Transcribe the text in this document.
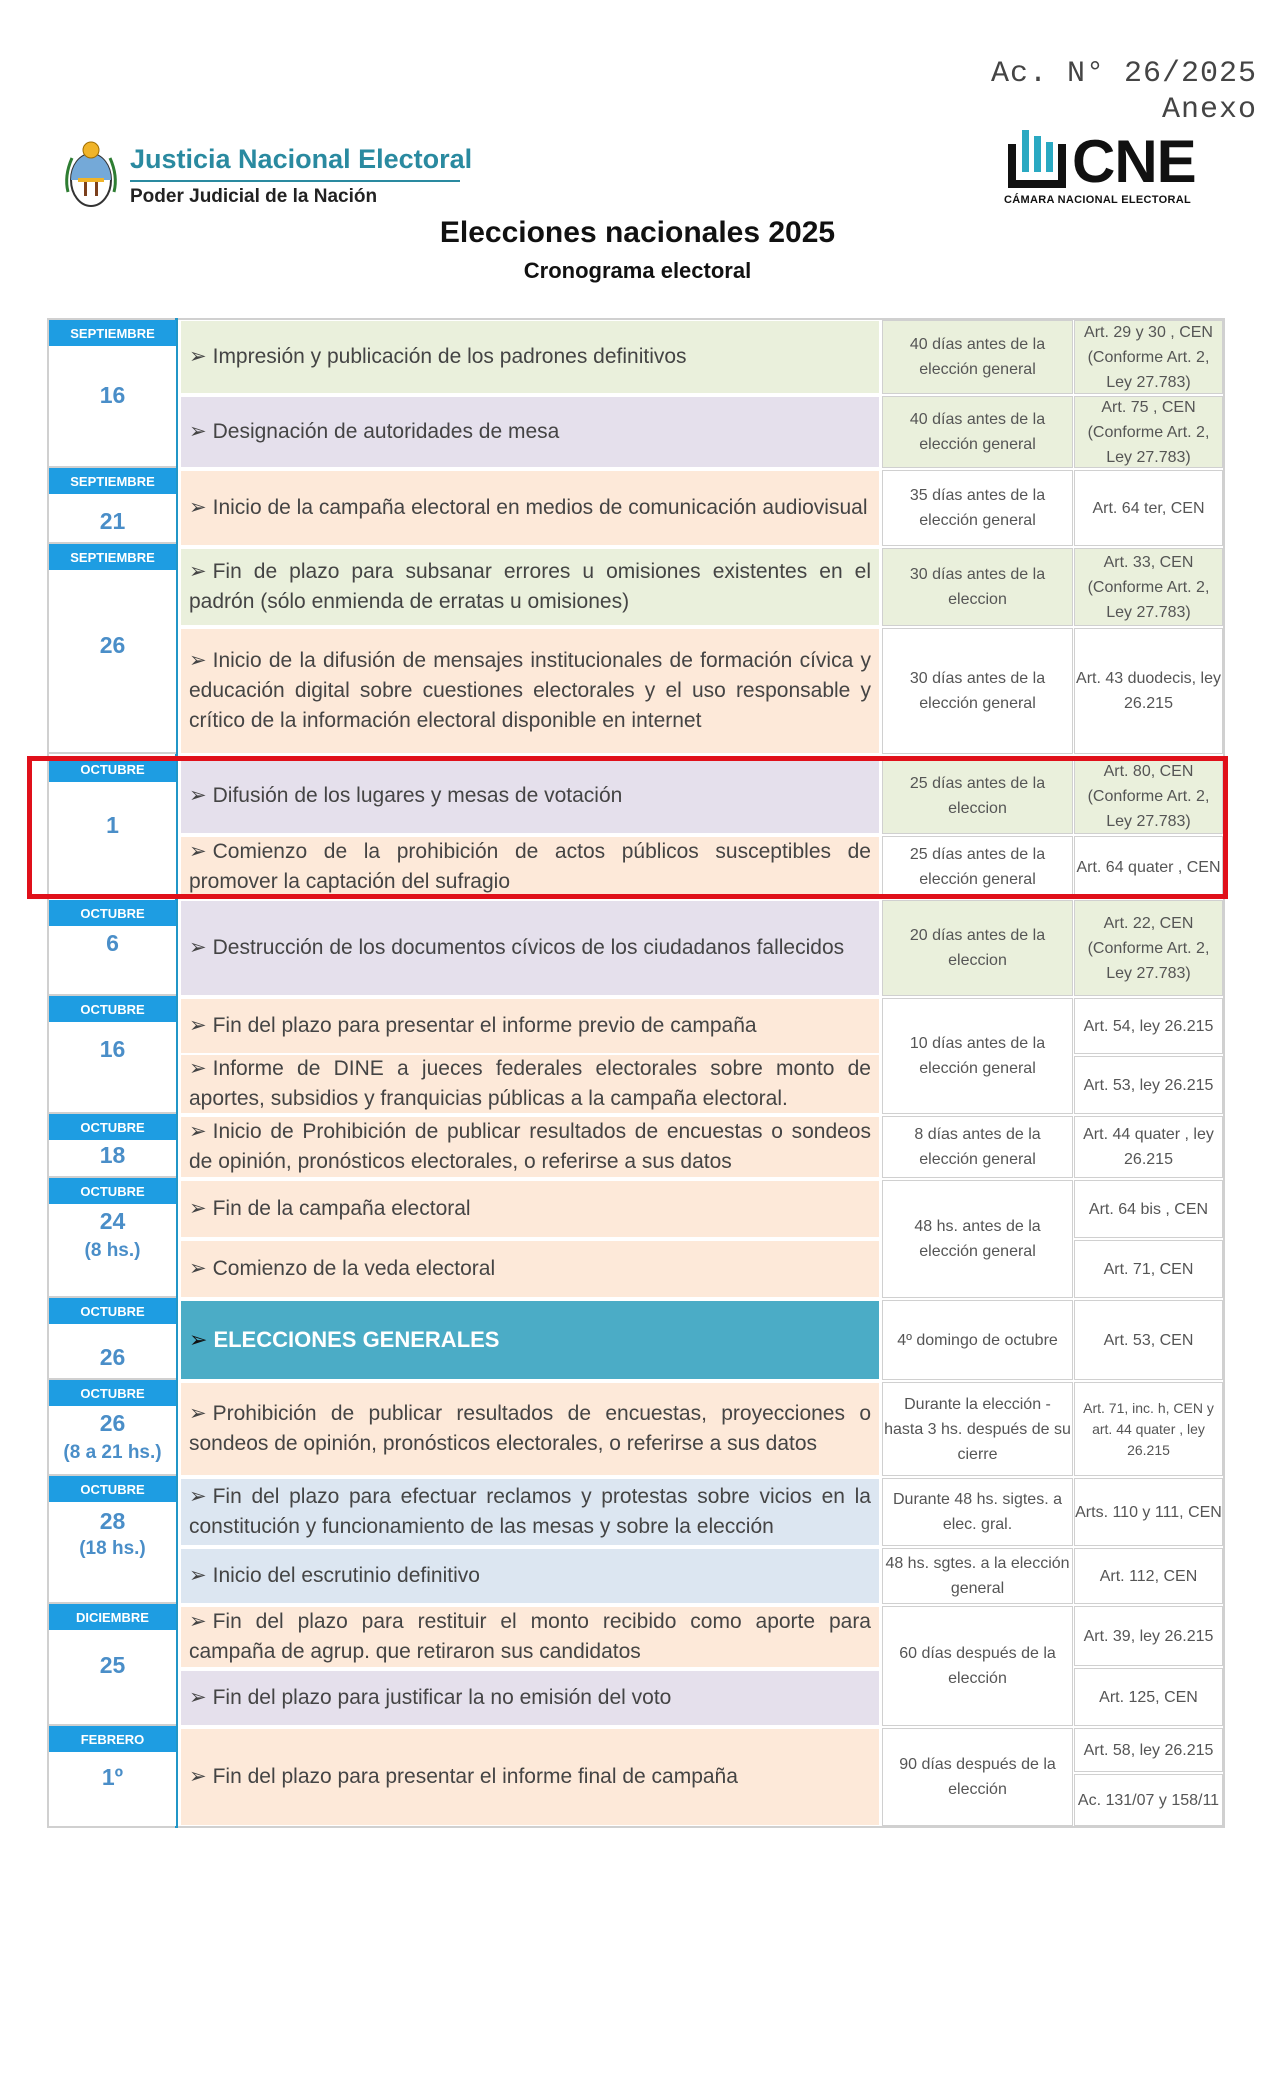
Ac. N° 26/2025
Anexo
Justicia Nacional Electoral
Poder Judicial de la Nación
CNE
CÁMARA NACIONAL ELECTORAL
Elecciones nacionales 2025
Cronograma electoral
SEPTIEMBRE
16
SEPTIEMBRE
21
SEPTIEMBRE
26
OCTUBRE
1
OCTUBRE
6
OCTUBRE
16
OCTUBRE
18
OCTUBRE
24
(8 hs.)
OCTUBRE
26
OCTUBRE
26
(8 a 21 hs.)
OCTUBRE
28
(18 hs.)
DICIEMBRE
25
FEBRERO
1º
➢ Impresión y publicación de los padrones definitivos
➢ Designación de autoridades de mesa
➢ Inicio de la campaña electoral en medios de comunicación audiovisual
➢ Fin de plazo para subsanar errores u omisiones existentes en el padrón (sólo enmienda de erratas u omisiones)
➢ Inicio de la difusión de mensajes institucionales de formación cívica y educación digital sobre cuestiones electorales y el uso responsable y crítico de la información electoral disponible en internet
➢ Difusión de los lugares y mesas de votación
➢ Comienzo de la prohibición de actos públicos susceptibles de promover la captación del sufragio
➢ Destrucción de los documentos cívicos de los ciudadanos fallecidos
➢ Fin del plazo para presentar el informe previo de campaña
➢ Informe de DINE a jueces federales electorales sobre monto de aportes, subsidios y franquicias públicas a la campaña electoral.
➢ Inicio de Prohibición de publicar resultados de encuestas o sondeos de opinión, pronósticos electorales, o referirse a sus datos
➢ Fin de la campaña electoral
➢ Comienzo de la veda electoral
➢ ELECCIONES GENERALES
➢ Prohibición de publicar resultados de encuestas, proyecciones o sondeos de opinión, pronósticos electorales, o referirse a sus datos
➢ Fin del plazo para efectuar reclamos y protestas sobre vicios en la constitución y funcionamiento de las mesas y sobre la elección
➢ Inicio del escrutinio definitivo
➢ Fin del plazo para restituir el monto recibido como aporte para campaña de agrup. que retiraron sus candidatos
➢ Fin del plazo para justificar la no emisión del voto
➢ Fin del plazo para presentar el informe final de campaña
40 días antes de la elección general
40 días antes de la elección general
35 días antes de la elección general
30 días antes de la eleccion
30 días antes de la elección general
25 días antes de la eleccion
25 días antes de la elección general
20 días antes de la eleccion
10 días antes de la elección general
8 días antes de la elección general
48 hs. antes de la elección general
4º domingo de octubre
Durante la elección - hasta 3 hs. después de su cierre
Durante 48 hs. sigtes. a elec. gral.
48 hs. sgtes. a la elección general
60 días después de la elección
90 días después de la elección
Art. 29 y 30 , CEN (Conforme Art. 2, Ley 27.783)
Art. 75 , CEN (Conforme Art. 2, Ley 27.783)
Art. 64 ter, CEN
Art. 33, CEN (Conforme Art. 2, Ley 27.783)
Art. 43 duodecis, ley 26.215
Art. 80, CEN (Conforme Art. 2, Ley 27.783)
Art. 64 quater , CEN
Art. 22, CEN (Conforme Art. 2, Ley 27.783)
Art. 54, ley 26.215
Art. 53, ley 26.215
Art. 44 quater , ley 26.215
Art. 64 bis , CEN
Art. 71, CEN
Art. 53, CEN
Art. 71, inc. h, CEN y art. 44 quater , ley 26.215
Arts. 110 y 111, CEN
Art. 112, CEN
Art. 39, ley 26.215
Art. 125, CEN
Art. 58, ley 26.215
Ac. 131/07 y 158/11
